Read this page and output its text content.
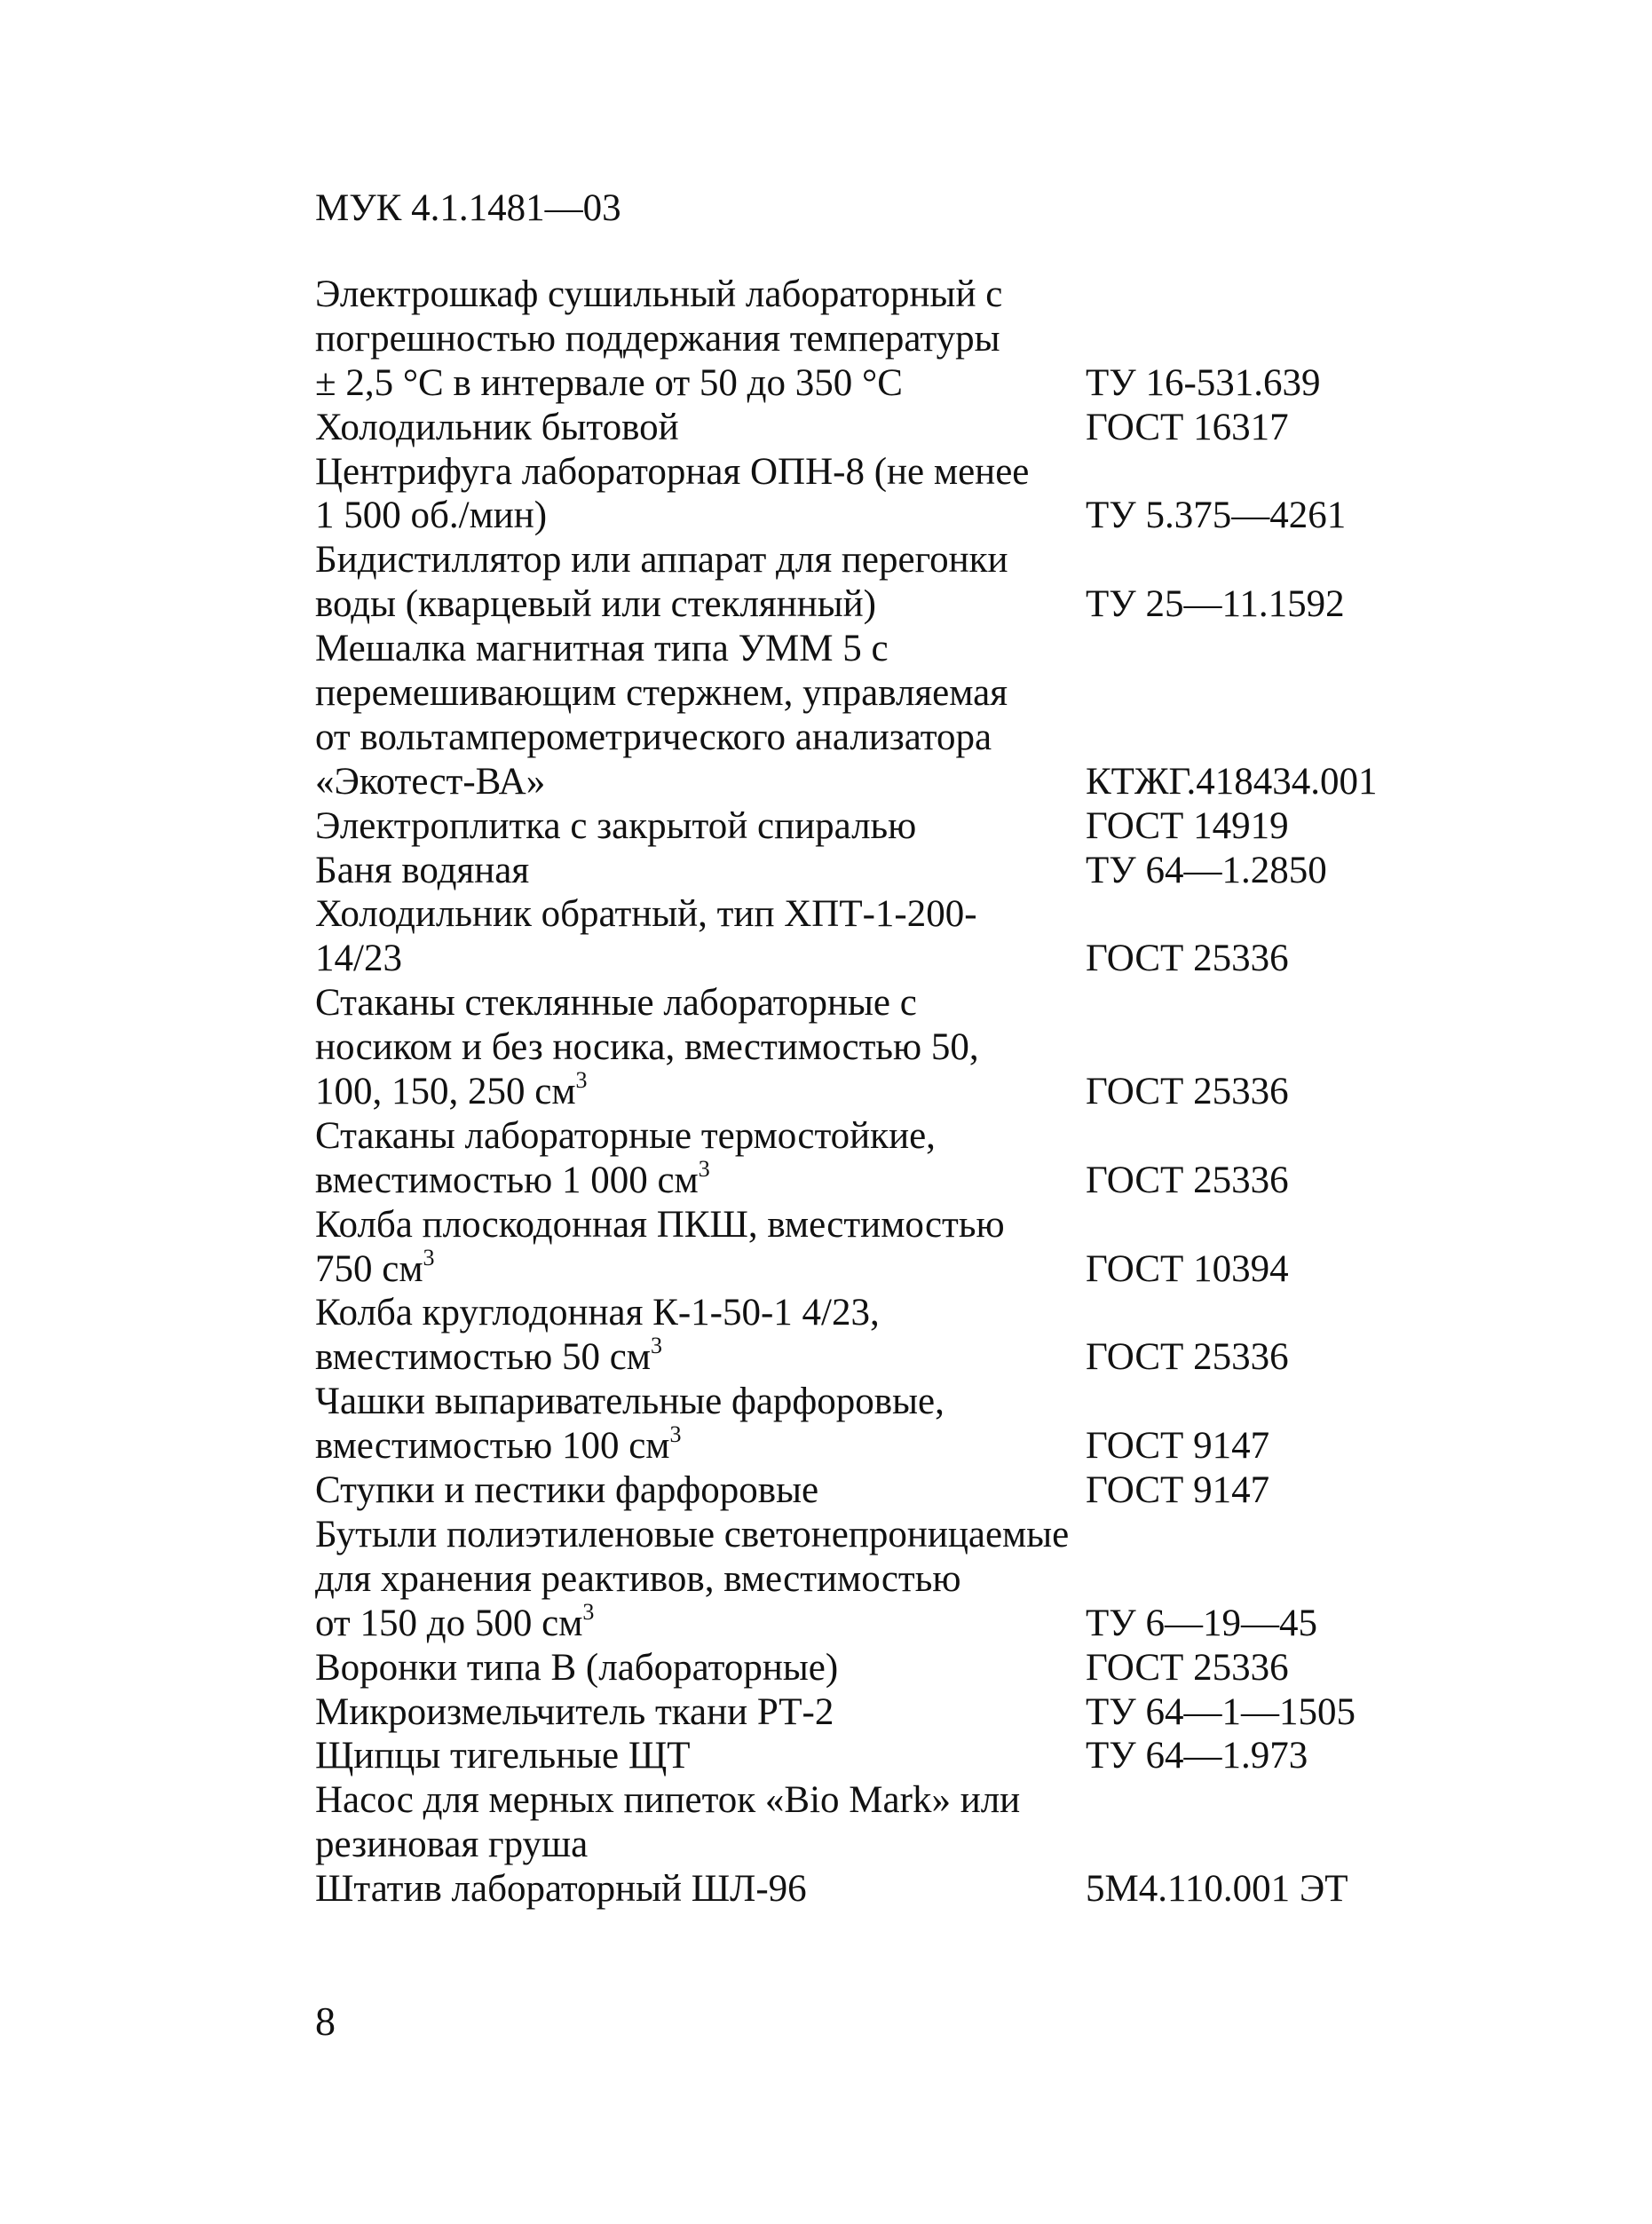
МУК 4.1.1481—03
Электрошкаф сушильный лабораторный с
погрешностью поддержания температуры
± 2,5 °С в интервале от 50 до 350 °С	ТУ 16-531.639
Холодильник бытовой	ГОСТ 16317
Центрифуга лабораторная ОПН-8 (не менее
1 500 об./мин)	ТУ 5.375—4261
Бидистиллятор или аппарат для перегонки
воды (кварцевый или стеклянный)	ТУ 25—11.1592
Мешалка магнитная типа УММ 5 с
перемешивающим стержнем, управляемая
от вольтамперометрического анализатора
«Экотест-ВА»	КТЖГ.418434.001
Электроплитка с закрытой спиралью	ГОСТ 14919
Баня водяная	ТУ 64—1.2850
Холодильник обратный, тип ХПТ-1-200-
14/23	ГОСТ 25336
Стаканы стеклянные лабораторные с
носиком и без носика, вместимостью 50,
100, 150, 250 $см^3$	ГОСТ 25336
Стаканы лабораторные термостойкие,
вместимостью 1 000 $см^3$	ГОСТ 25336
Колба плоскодонная ПКШ, вместимостью
750 $см^3$	ГОСТ 10394
Колба круглодонная К-1-50-1 4/23,
вместимостью 50 $см^3$	ГОСТ 25336
Чашки выпаривательные фарфоровые,
вместимостью 100 $см^3$	ГОСТ 9147
Ступки и пестики фарфоровые	ГОСТ 9147
Бутыли полиэтиленовые светонепроницаемые
для хранения реактивов, вместимостью
от 150 до 500 $см^3$	ТУ 6—19—45
Воронки типа В (лабораторные)	ГОСТ 25336
Микроизмельчитель ткани РТ-2	ТУ 64—1—1505
Щипцы тигельные ЩТ	ТУ 64—1.973
Насос для мерных пипеток «Bio Mark» или
резиновая груша
Штатив лабораторный ШЛ-96	5М4.110.001 ЭТ
8
